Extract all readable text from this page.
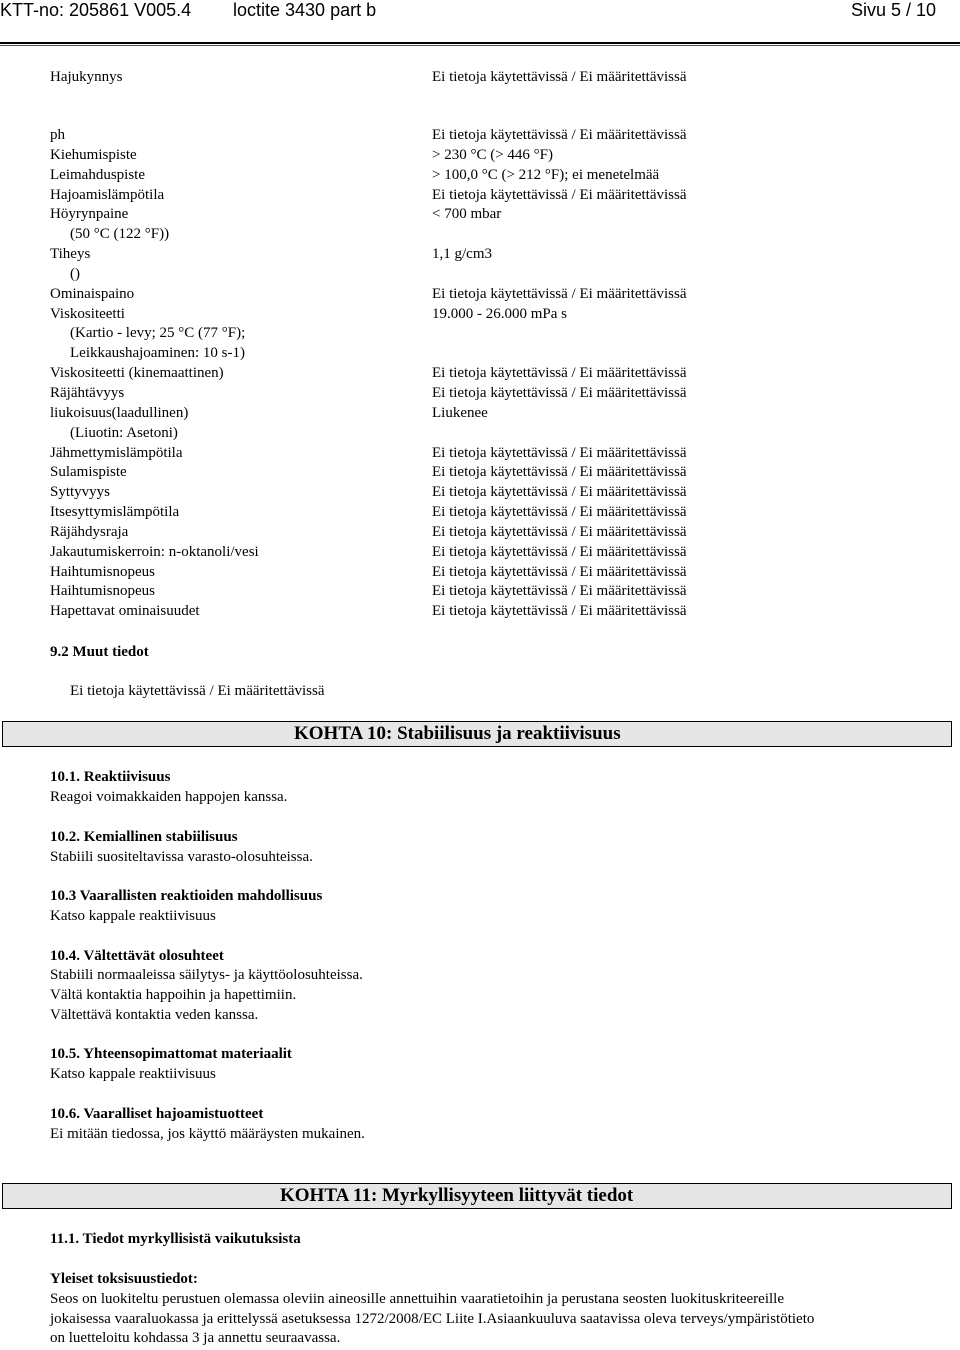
KTT-no: 205861 V005.4 loctite 3430 part b	Sivu 5 / 10
Hajukynnys	Ei tietoja käytettävissä / Ei määritettävissä
ph
Kiehumispiste
Leimahduspiste
Hajoamislämpötila
Höyrynpaine
(50 °C (122 °F))
Tiheys
()
Ominaispaino
Viskositeetti
(Kartio - levy; 25 °C (77 °F);
Leikkaushajoaminen: 10 s-1)
Viskositeetti (kinemaattinen)
Räjähtävyys
liukoisuus(laadullinen)
(Liuotin: Asetoni)
Jähmettymislämpötila
Sulamispiste
Syttyvyys
Itsesyttymislämpötila
Räjähdysraja
Jakautumiskerroin: n-oktanoli/vesi
Haihtumisnopeus
Haihtumisnopeus
Hapettavat ominaisuudet
Ei tietoja käytettävissä / Ei määritettävissä
> 230 °C (> 446 °F)
> 100,0 °C (> 212 °F); ei menetelmää
Ei tietoja käytettävissä / Ei määritettävissä
< 700 mbar
1,1 g/cm3
Ei tietoja käytettävissä / Ei määritettävissä
19.000 - 26.000 mPa s
Ei tietoja käytettävissä / Ei määritettävissä
Ei tietoja käytettävissä / Ei määritettävissä
Liukenee
Ei tietoja käytettävissä / Ei määritettävissä
Ei tietoja käytettävissä / Ei määritettävissä
Ei tietoja käytettävissä / Ei määritettävissä
Ei tietoja käytettävissä / Ei määritettävissä
Ei tietoja käytettävissä / Ei määritettävissä
Ei tietoja käytettävissä / Ei määritettävissä
Ei tietoja käytettävissä / Ei määritettävissä
Ei tietoja käytettävissä / Ei määritettävissä
Ei tietoja käytettävissä / Ei määritettävissä
9.2 Muut tiedot
Ei tietoja käytettävissä / Ei määritettävissä
KOHTA 10: Stabiilisuus ja reaktiivisuus
10.1. Reaktiivisuus
Reagoi voimakkaiden happojen kanssa.
10.2. Kemiallinen stabiilisuus
Stabiili suositeltavissa varasto-olosuhteissa.
10.3 Vaarallisten reaktioiden mahdollisuus
Katso kappale reaktiivisuus
10.4. Vältettävät olosuhteet
Stabiili normaaleissa säilytys- ja käyttöolosuhteissa.
Vältä kontaktia happoihin ja hapettimiin.
Vältettävä kontaktia veden kanssa.
10.5. Yhteensopimattomat materiaalit
Katso kappale reaktiivisuus
10.6. Vaaralliset hajoamistuotteet
Ei mitään tiedossa, jos käyttö määräysten mukainen.
KOHTA 11: Myrkyllisyyteen liittyvät tiedot
11.1. Tiedot myrkyllisistä vaikutuksista
Yleiset toksisuustiedot:
Seos on luokiteltu perustuen olemassa oleviin aineosille annettuihin vaaratietoihin ja perustana seosten luokituskriteereille
jokaisessa vaaraluokassa ja erittelyssä asetuksessa 1272/2008/EC Liite I.Asiaankuuluva saatavissa oleva terveys/ympäristötieto
on luetteloitu kohdassa 3 ja annettu seuraavassa.
